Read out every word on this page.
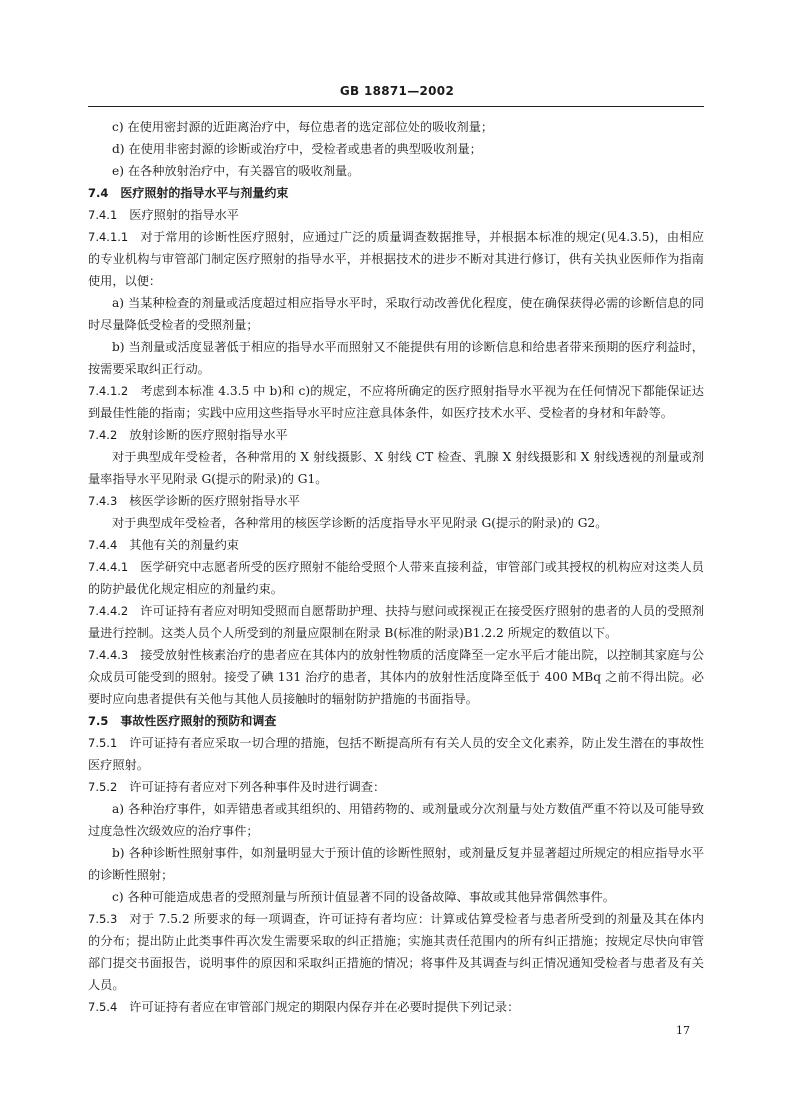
GB 18871—2002

c) 在使用密封源的近距离治疗中，每位患者的选定部位处的吸收剂量；

d) 在使用非密封源的诊断或治疗中，受检者或患者的典型吸收剂量；

e) 在各种放射治疗中，有关器官的吸收剂量。

7.4 医疗照射的指导水平与剂量约束

7.4.1 医疗照射的指导水平

7.4.1.1 对于常用的诊断性医疗照射，应通过广泛的质量调查数据推导，并根据本标准的规定(见4.3.5)，由相应的专业机构与审管部门制定医疗照射的指导水平，并根据技术的进步不断对其进行修订，供有关执业医师作为指南使用，以便：

a) 当某种检查的剂量或活度超过相应指导水平时，采取行动改善优化程度，使在确保获得必需的诊断信息的同时尽量降低受检者的受照剂量；

b) 当剂量或活度显著低于相应的指导水平而照射又不能提供有用的诊断信息和给患者带来预期的医疗利益时，按需要采取纠正行动。

7.4.1.2 考虑到本标准 4.3.5 中 b)和 c)的规定，不应将所确定的医疗照射指导水平视为在任何情况下都能保证达到最佳性能的指南；实践中应用这些指导水平时应注意具体条件，如医疗技术水平、受检者的身材和年龄等。

7.4.2 放射诊断的医疗照射指导水平

对于典型成年受检者，各种常用的 X 射线摄影、X 射线 CT 检查、乳腺 X 射线摄影和 X 射线透视的剂量或剂量率指导水平见附录 G(提示的附录)的 G1。

7.4.3 核医学诊断的医疗照射指导水平

对于典型成年受检者，各种常用的核医学诊断的活度指导水平见附录 G(提示的附录)的 G2。

7.4.4 其他有关的剂量约束

7.4.4.1 医学研究中志愿者所受的医疗照射不能给受照个人带来直接利益，审管部门或其授权的机构应对这类人员的防护最优化规定相应的剂量约束。

7.4.4.2 许可证持有者应对明知受照而自愿帮助护理、扶持与慰问或探视正在接受医疗照射的患者的人员的受照剂量进行控制。这类人员个人所受到的剂量应限制在附录 B(标准的附录)B1.2.2 所规定的数值以下。

7.4.4.3 接受放射性核素治疗的患者应在其体内的放射性物质的活度降至一定水平后才能出院，以控制其家庭与公众成员可能受到的照射。接受了碘 131 治疗的患者，其体内的放射性活度降至低于 400 MBq 之前不得出院。必要时应向患者提供有关他与其他人员接触时的辐射防护措施的书面指导。

7.5 事故性医疗照射的预防和调查

7.5.1 许可证持有者应采取一切合理的措施，包括不断提高所有有关人员的安全文化素养，防止发生潜在的事故性医疗照射。

7.5.2 许可证持有者应对下列各种事件及时进行调查：

a) 各种治疗事件，如弄错患者或其组织的、用错药物的、或剂量或分次剂量与处方数值严重不符以及可能导致过度急性次级效应的治疗事件；

b) 各种诊断性照射事件，如剂量明显大于预计值的诊断性照射，或剂量反复并显著超过所规定的相应指导水平的诊断性照射；

c) 各种可能造成患者的受照剂量与所预计值显著不同的设备故障、事故或其他异常偶然事件。

7.5.3 对于 7.5.2 所要求的每一项调查，许可证持有者均应：计算或估算受检者与患者所受到的剂量及其在体内的分布；提出防止此类事件再次发生需要采取的纠正措施；实施其责任范围内的所有纠正措施；按规定尽快向审管部门提交书面报告，说明事件的原因和采取纠正措施的情况；将事件及其调查与纠正情况通知受检者与患者及有关人员。

7.5.4 许可证持有者应在审管部门规定的期限内保存并在必要时提供下列记录：

17
